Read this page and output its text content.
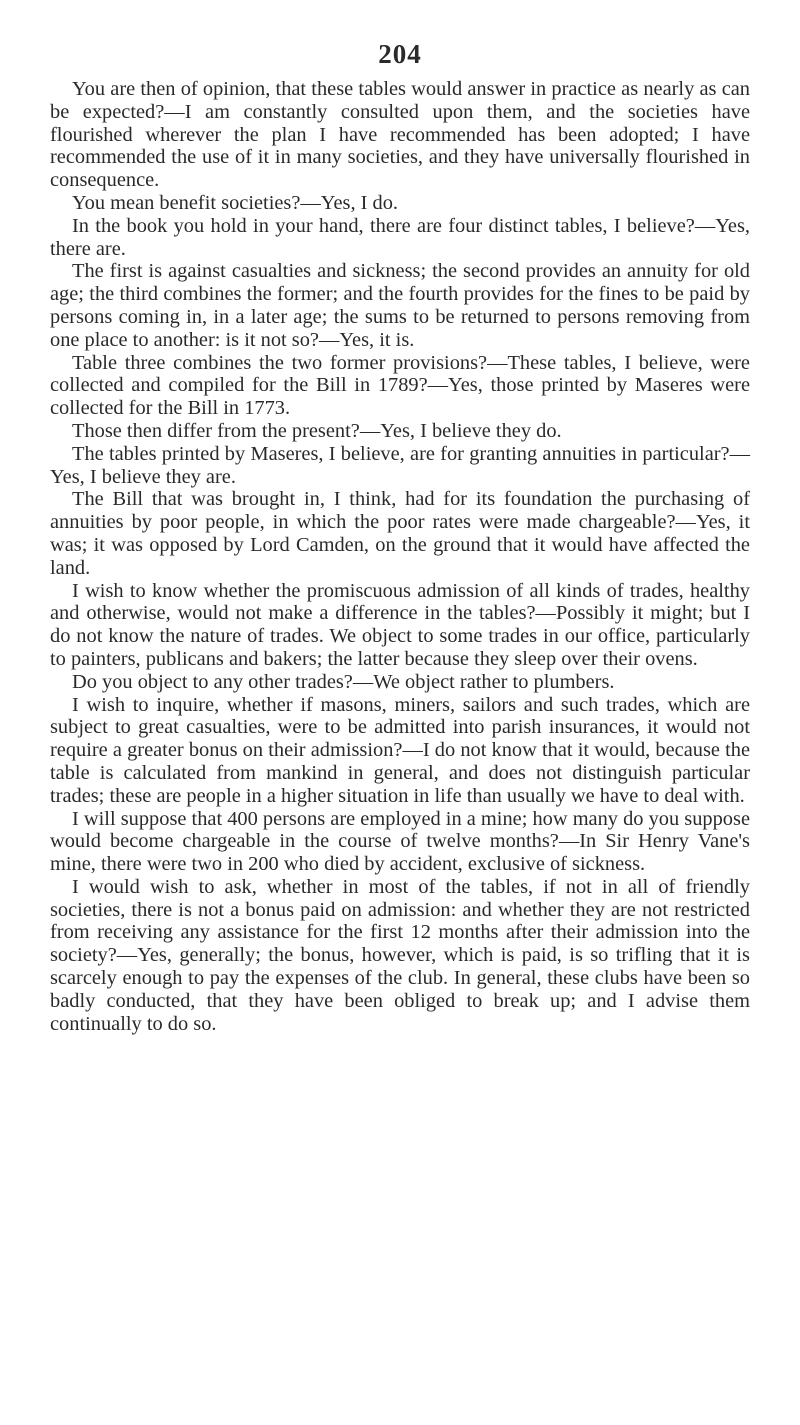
204

You are then of opinion, that these tables would answer in practice as nearly as can be expected?—I am constantly consulted upon them, and the societies have flourished wherever the plan I have recommended has been adopted; I have recommended the use of it in many societies, and they have universally flourished in consequence.

You mean benefit societies?—Yes, I do.

In the book you hold in your hand, there are four distinct tables, I believe?—Yes, there are.

The first is against casualties and sickness; the second provides an annuity for old age; the third combines the former; and the fourth provides for the fines to be paid by persons coming in, in a later age; the sums to be returned to persons removing from one place to another: is it not so?—Yes, it is.

Table three combines the two former provisions?—These tables, I believe, were collected and compiled for the Bill in 1789?—Yes, those printed by Maseres were collected for the Bill in 1773.

Those then differ from the present?—Yes, I believe they do.

The tables printed by Maseres, I believe, are for granting annuities in particular?—Yes, I believe they are.

The Bill that was brought in, I think, had for its foundation the purchasing of annuities by poor people, in which the poor rates were made chargeable?—Yes, it was; it was opposed by Lord Camden, on the ground that it would have affected the land.

I wish to know whether the promiscuous admission of all kinds of trades, healthy and otherwise, would not make a difference in the tables?—Possibly it might; but I do not know the nature of trades. We object to some trades in our office, particularly to painters, publicans and bakers; the latter because they sleep over their ovens.

Do you object to any other trades?—We object rather to plumbers.

I wish to inquire, whether if masons, miners, sailors and such trades, which are subject to great casualties, were to be admitted into parish insurances, it would not require a greater bonus on their admission?—I do not know that it would, because the table is calculated from mankind in general, and does not distinguish particular trades; these are people in a higher situation in life than usually we have to deal with.

I will suppose that 400 persons are employed in a mine; how many do you suppose would become chargeable in the course of twelve months?—In Sir Henry Vane's mine, there were two in 200 who died by accident, exclusive of sickness.

I would wish to ask, whether in most of the tables, if not in all of friendly societies, there is not a bonus paid on admission: and whether they are not restricted from receiving any assistance for the first 12 months after their admission into the society?—Yes, generally; the bonus, however, which is paid, is so trifling that it is scarcely enough to pay the expenses of the club. In general, these clubs have been so badly conducted, that they have been obliged to break up; and I advise them continually to do so.
